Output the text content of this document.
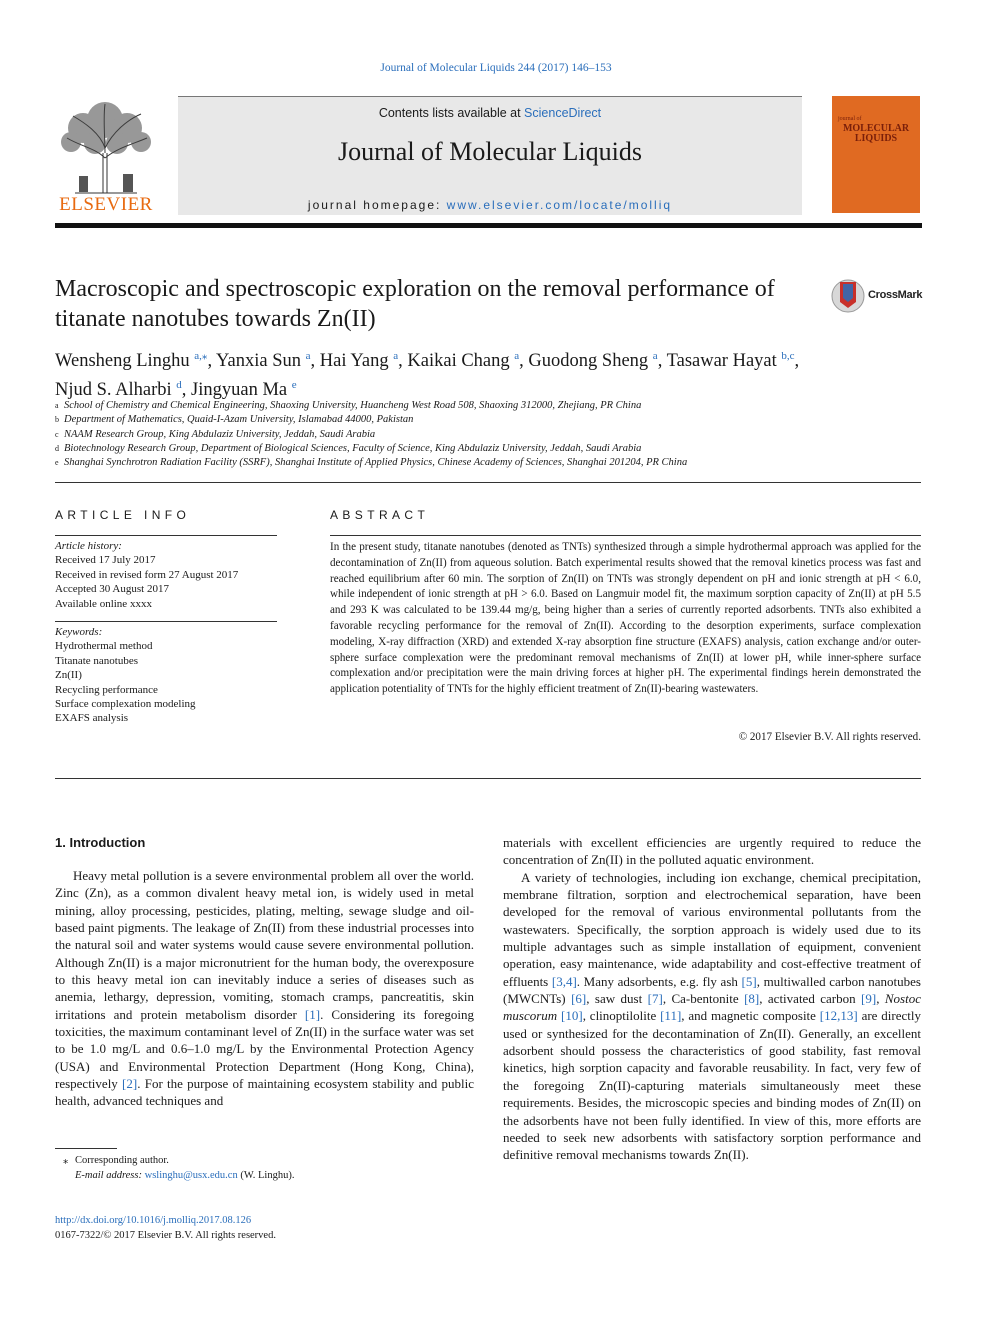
Journal of Molecular Liquids 244 (2017) 146–153
ELSEVIER
Contents lists available at ScienceDirect
Journal of Molecular Liquids
journal homepage: www.elsevier.com/locate/molliq
journal of
MOLECULAR
LIQUIDS
Macroscopic and spectroscopic exploration on the removal performance of titanate nanotubes towards Zn(II)
CrossMark
Wensheng Linghu $^{a,⁎}$, Yanxia Sun $^a$, Hai Yang $^a$, Kaikai Chang $^a$, Guodong Sheng $^a$, Tasawar Hayat $^{b,c}$,
Njud S. Alharbi $^d$, Jingyuan Ma $^e$
a School of Chemistry and Chemical Engineering, Shaoxing University, Huancheng West Road 508, Shaoxing 312000, Zhejiang, PR China
b Department of Mathematics, Quaid-I-Azam University, Islamabad 44000, Pakistan
c NAAM Research Group, King Abdulaziz University, Jeddah, Saudi Arabia
d Biotechnology Research Group, Department of Biological Sciences, Faculty of Science, King Abdulaziz University, Jeddah, Saudi Arabia
e Shanghai Synchrotron Radiation Facility (SSRF), Shanghai Institute of Applied Physics, Chinese Academy of Sciences, Shanghai 201204, PR China
ARTICLE INFO
Article history:
Received 17 July 2017
Received in revised form 27 August 2017
Accepted 30 August 2017
Available online xxxx
Keywords:
Hydrothermal method
Titanate nanotubes
Zn(II)
Recycling performance
Surface complexation modeling
EXAFS analysis
ABSTRACT
In the present study, titanate nanotubes (denoted as TNTs) synthesized through a simple hydrothermal approach was applied for the decontamination of Zn(II) from aqueous solution. Batch experimental results showed that the removal kinetics process was fast and reached equilibrium after 60 min. The sorption of Zn(II) on TNTs was strongly dependent on pH and ionic strength at pH < 6.0, while independent of ionic strength at pH > 6.0. Based on Langmuir model fit, the maximum sorption capacity of Zn(II) at pH 5.5 and 293 K was calculated to be 139.44 mg/g, being higher than a series of currently reported adsorbents. TNTs also exhibited a favorable recycling performance for the removal of Zn(II). According to the desorption experiments, surface complexation modeling, X-ray diffraction (XRD) and extended X-ray absorption fine structure (EXAFS) analysis, cation exchange and/or outer-sphere surface complexation were the predominant removal mechanisms of Zn(II) at lower pH, while inner-sphere surface complexation and/or precipitation were the main driving forces at higher pH. The experimental findings herein demonstrated the application potentiality of TNTs for the highly efficient treatment of Zn(II)-bearing wastewaters.
© 2017 Elsevier B.V. All rights reserved.
1. Introduction

Heavy metal pollution is a severe environmental problem all over the world. Zinc (Zn), as a common divalent heavy metal ion, is widely used in metal mining, alloy processing, pesticides, plating, melting, sewage sludge and oil-based paint pigments. The leakage of Zn(II) from these industrial processes into the natural soil and water systems would cause severe environmental pollution. Although Zn(II) is a major micronutrient for the human body, the overexposure to this heavy metal ion can inevitably induce a series of diseases such as anemia, lethargy, depression, vomiting, stomach cramps, pancreatitis, skin irritations and protein metabolism disorder [1]. Considering its foregoing toxicities, the maximum contaminant level of Zn(II) in the surface water was set to be 1.0 mg/L and 0.6–1.0 mg/L by the Environmental Protection Agency (USA) and Environmental Protection Department (Hong Kong, China), respectively [2]. For the purpose of maintaining ecosystem stability and public health, advanced techniques and

materials with excellent efficiencies are urgently required to reduce the concentration of Zn(II) in the polluted aquatic environment.

A variety of technologies, including ion exchange, chemical precipitation, membrane filtration, sorption and electrochemical separation, have been developed for the removal of various environmental pollutants from the wastewaters. Specifically, the sorption approach is widely used due to its multiple advantages such as simple installation of equipment, convenient operation, easy maintenance, wide adaptability and cost-effective treatment of effluents [3,4]. Many adsorbents, e.g. fly ash [5], multiwalled carbon nanotubes (MWCNTs) [6], saw dust [7], Ca-bentonite [8], activated carbon [9], Nostoc muscorum [10], clinoptilolite [11], and magnetic composite [12,13] are directly used or synthesized for the decontamination of Zn(II). Generally, an excellent adsorbent should possess the characteristics of good stability, fast removal kinetics, high sorption capacity and favorable reusability. In fact, very few of the foregoing Zn(II)-capturing materials simultaneously meet these requirements. Besides, the microscopic species and binding modes of Zn(II) on the adsorbents have not been fully identified. In view of this, more efforts are needed to seek new adsorbents with satisfactory sorption performance and definitive removal mechanisms towards Zn(II).

⁎ Corresponding author.
E-mail address: wslinghu@usx.edu.cn (W. Linghu).
http://dx.doi.org/10.1016/j.molliq.2017.08.126
0167-7322/© 2017 Elsevier B.V. All rights reserved.
